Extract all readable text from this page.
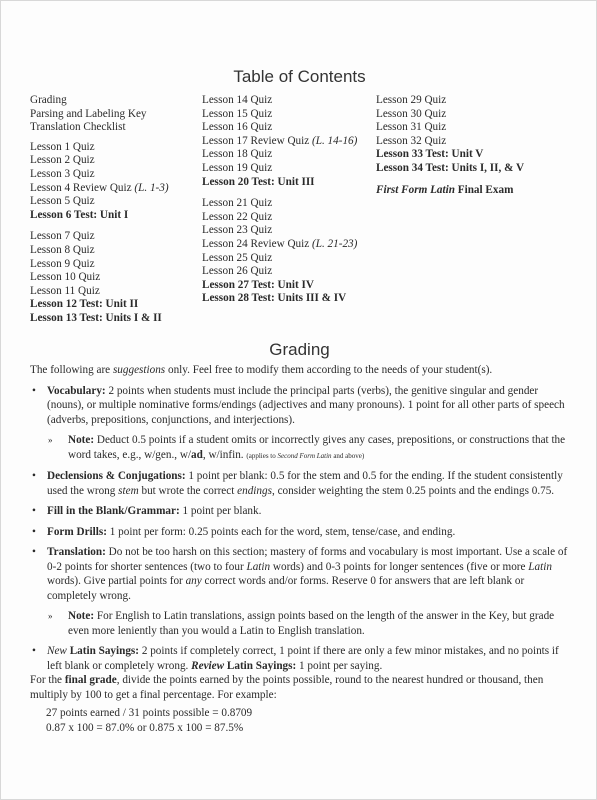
Table of Contents
Grading
Parsing and Labeling Key
Translation Checklist
Lesson 1 Quiz
Lesson 2 Quiz
Lesson 3 Quiz
Lesson 4 Review Quiz (L. 1-3)
Lesson 5 Quiz
Lesson 6 Test: Unit I
Lesson 7 Quiz
Lesson 8 Quiz
Lesson 9 Quiz
Lesson 10 Quiz
Lesson 11 Quiz
Lesson 12 Test: Unit II
Lesson 13 Test: Units I & II
Lesson 14 Quiz
Lesson 15 Quiz
Lesson 16 Quiz
Lesson 17 Review Quiz (L. 14-16)
Lesson 18 Quiz
Lesson 19 Quiz
Lesson 20 Test: Unit III
Lesson 21 Quiz
Lesson 22 Quiz
Lesson 23 Quiz
Lesson 24 Review Quiz (L. 21-23)
Lesson 25 Quiz
Lesson 26 Quiz
Lesson 27 Test: Unit IV
Lesson 28 Test: Units III & IV
Lesson 29 Quiz
Lesson 30 Quiz
Lesson 31 Quiz
Lesson 32 Quiz
Lesson 33 Test: Unit V
Lesson 34 Test: Units I, II, & V
First Form Latin Final Exam
Grading

The following are suggestions only. Feel free to modify them according to the needs of your student(s).

• Vocabulary: 2 points when students must include the principal parts (verbs), the genitive singular and gender (nouns), or multiple nominative forms/endings (adjectives and many pronouns). 1 point for all other parts of speech (adverbs, prepositions, conjunctions, and interjections).
» Note: Deduct 0.5 points if a student omits or incorrectly gives any cases, prepositions, or constructions that the word takes, e.g., w/gen., w/ad, w/infin. (applies to Second Form Latin and above)
• Declensions & Conjugations: 1 point per blank: 0.5 for the stem and 0.5 for the ending. If the student consistently used the wrong stem but wrote the correct endings, consider weighting the stem 0.25 points and the endings 0.75.
• Fill in the Blank/Grammar: 1 point per blank.
• Form Drills: 1 point per form: 0.25 points each for the word, stem, tense/case, and ending.
• Translation: Do not be too harsh on this section; mastery of forms and vocabulary is most important. Use a scale of 0-2 points for shorter sentences (two to four Latin words) and 0-3 points for longer sentences (five or more Latin words). Give partial points for any correct words and/or forms. Reserve 0 for answers that are left blank or completely wrong.
» Note: For English to Latin translations, assign points based on the length of the answer in the Key, but grade even more leniently than you would a Latin to English translation.
• New Latin Sayings: 2 points if completely correct, 1 point if there are only a few minor mistakes, and no points if left blank or completely wrong. Review Latin Sayings: 1 point per saying.

For the final grade, divide the points earned by the points possible, round to the nearest hundred or thousand, then multiply by 100 to get a final percentage. For example:

27 points earned / 31 points possible = 0.8709
0.87 x 100 = 87.0% or 0.875 x 100 = 87.5%
